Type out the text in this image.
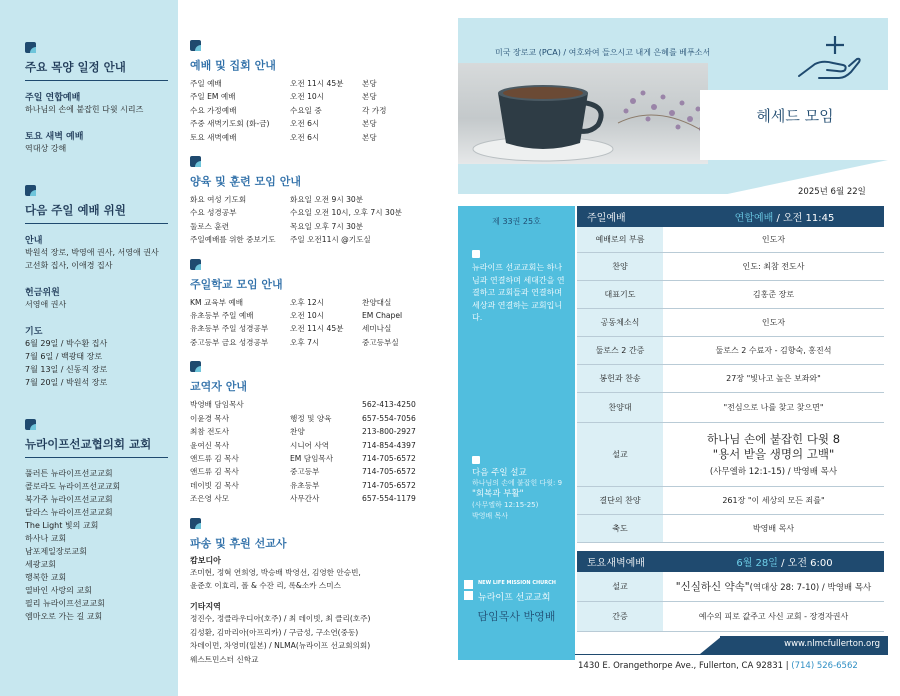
주요 목양 일정 안내
주일 연합예배
하나님의 손에 붙잡힌 다윗 시리즈
토요 새벽 예배
역대상 강해
다음 주일 예배 위원
안내
박원석 장로, 박영애 권사, 서영애 권사
고선화 집사, 이애경 집사
헌금위원
서영애 권사
기도
6월 29일 / 박수환 집사
7월 6일 / 백광태 장로
7월 13일 / 신동직 장로
7월 20일 / 박원석 장로
뉴라이프선교협의회 교회
풀러튼 뉴라이프선교교회
콜로라도 뉴라이프선교교회
북가주 뉴라이프선교교회
달라스 뉴라이프선교교회
The Light 빛의 교회
하사나 교회
남포제일장로교회
세광교회
행복한 교회
열바인 사랑의 교회
필리 뉴라이프선교교회
엠마오로 가는 길 교회
예배 및 집회 안내
주일 예배	오전 11시 45분	본당
주일 EM 예배	오전 10시	본당
수요 가정예배	수요일 중	각 가정
주중 새벽기도회 (화-금)	오전 6시	본당
토요 새벽예배	오전 6시	본당
양육 및 훈련 모임 안내
화요 여성 기도회	화요일 오전 9시 30분
수요 성경공부	수요일 오전 10시, 오후 7시 30분
둘로스 훈련	목요일 오후 7시 30분
주일예배를 위한 중보기도	주일 오전11시 @기도실
주일학교 모임 안내
KM 교육부 예배	오후 12시	찬양대실
유초등부 주일 예배	오전 10시	EM Chapel
유초등부 주일 성경공부	오전 11시 45분	세미나실
중고등부 금요 성경공부	오후 7시	중고등부실
교역자 안내
박영배 담임목사	562-413-4250
이윤경 목사	행정 및 양육	657-554-7056
최참 전도사	찬양	213-800-2927
윤여신 목사	시니어 사역	714-854-4397
앤드류 김 목사	EM 담임목사	714-705-6572
앤드류 김 목사	중고등부	714-705-6572
데이빗 김 목사	유초등부	714-705-6572
조은영 사모	사무간사	657-554-1179
파송 및 후원 선교사
캄보디아
조미현, 정혁 연희영, 박승배 박영선, 김영한 안승빈,
윤준호 이효리, 폴 & 수잔 리, 록&소카 스미스
기타지역
정진수, 정클라우디아(호주) / 최 데이빗, 최 클리(호주)
김성환, 김마리아(아프리카) / 구금성, 구소연(중동)
차데이먼, 차영미(일본) / NLMA(뉴라이프 선교회의회)
웨스트민스터 신학교
미국 장로교 (PCA) / 여호와여 들으시고 내게 은혜를 베푸소서
헤세드 모임
2025년 6월 22일
제 33권 25호
뉴라이프 선교교회는 하나님과 연결하며 세대간을 연결하고 교회들과 연결하며 세상과 연결하는 교회입니다.
다음 주일 설교
하나님의 손에 붙잡힌 다윗: 9
"회복과 부활"
(사무엘하 12:15-25)
박영배 목사
NEW LIFE MISSION CHURCH
뉴라이프 선교교회
담임목사 박영배
주일예배	연합예배 / 오전 11:45
예배로의 부름	인도자
찬양	인도: 최참 전도사
대표기도	김홍준 장로
공동체소식	인도자
둘로스 2 간증	둘로스 2 수료자 - 김향숙, 홍진석
봉헌과 찬송	27장 "빛나고 높은 보좌와"
찬양대	"전심으로 나를 찾고 찾으면"
설교
하나님 손에 붙잡힌 다윗 8
"용서 받을 생명의 고백"
(사무엘하 12:1-15) / 박영배 목사
결단의 찬양	261장 "이 세상의 모든 죄를"
축도	박영배 목사
토요새벽예배	6월 28일 / 오전 6:00
설교	"신실하신 약속" (역대상 28: 7-10) / 박영배 목사
간증	예수의 피로 값주고 사신 교회 - 장경자권사
www.nlmcfullerton.org
1430 E. Orangethorpe Ave., Fullerton, CA 92831 | (714) 526-6562
